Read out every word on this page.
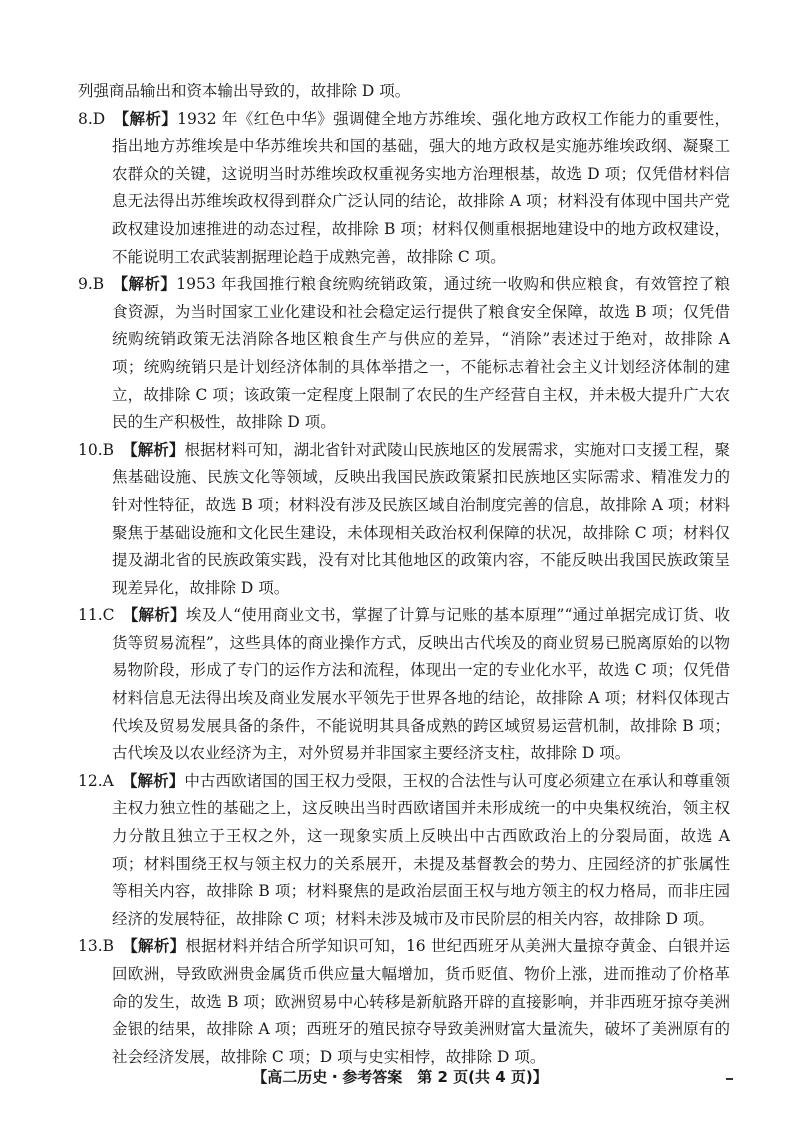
列强商品输出和资本输出导致的，故排除 D 项。

8.D 【解析】1932 年《红色中华》强调健全地方苏维埃、强化地方政权工作能力的重要性，指出地方苏维埃是中华苏维埃共和国的基础，强大的地方政权是实施苏维埃政纲、凝聚工农群众的关键，这说明当时苏维埃政权重视务实地方治理根基，故选 D 项；仅凭借材料信息无法得出苏维埃政权得到群众广泛认同的结论，故排除 A 项；材料没有体现中国共产党政权建设加速推进的动态过程，故排除 B 项；材料仅侧重根据地建设中的地方政权建设，不能说明工农武装割据理论趋于成熟完善，故排除 C 项。

9.B 【解析】1953 年我国推行粮食统购统销政策，通过统一收购和供应粮食，有效管控了粮食资源，为当时国家工业化建设和社会稳定运行提供了粮食安全保障，故选 B 项；仅凭借统购统销政策无法消除各地区粮食生产与供应的差异，“消除”表述过于绝对，故排除 A 项；统购统销只是计划经济体制的具体举措之一，不能标志着社会主义计划经济体制的建立，故排除 C 项；该政策一定程度上限制了农民的生产经营自主权，并未极大提升广大农民的生产积极性，故排除 D 项。

10.B 【解析】根据材料可知，湖北省针对武陵山民族地区的发展需求，实施对口支援工程，聚焦基础设施、民族文化等领域，反映出我国民族政策紧扣民族地区实际需求、精准发力的针对性特征，故选 B 项；材料没有涉及民族区域自治制度完善的信息，故排除 A 项；材料聚焦于基础设施和文化民生建设，未体现相关政治权利保障的状况，故排除 C 项；材料仅提及湖北省的民族政策实践，没有对比其他地区的政策内容，不能反映出我国民族政策呈现差异化，故排除 D 项。

11.C 【解析】埃及人“使用商业文书，掌握了计算与记账的基本原理”“通过单据完成订货、收货等贸易流程”，这些具体的商业操作方式，反映出古代埃及的商业贸易已脱离原始的以物易物阶段，形成了专门的运作方法和流程，体现出一定的专业化水平，故选 C 项；仅凭借材料信息无法得出埃及商业发展水平领先于世界各地的结论，故排除 A 项；材料仅体现古代埃及贸易发展具备的条件，不能说明其具备成熟的跨区域贸易运营机制，故排除 B 项；古代埃及以农业经济为主，对外贸易并非国家主要经济支柱，故排除 D 项。

12.A 【解析】中古西欧诸国的国王权力受限，王权的合法性与认可度必须建立在承认和尊重领主权力独立性的基础之上，这反映出当时西欧诸国并未形成统一的中央集权统治，领主权力分散且独立于王权之外，这一现象实质上反映出中古西欧政治上的分裂局面，故选 A 项；材料围绕王权与领主权力的关系展开，未提及基督教会的势力、庄园经济的扩张属性等相关内容，故排除 B 项；材料聚焦的是政治层面王权与地方领主的权力格局，而非庄园经济的发展特征，故排除 C 项；材料未涉及城市及市民阶层的相关内容，故排除 D 项。

13.B 【解析】根据材料并结合所学知识可知，16 世纪西班牙从美洲大量掠夺黄金、白银并运回欧洲，导致欧洲贵金属货币供应量大幅增加，货币贬值、物价上涨，进而推动了价格革命的发生，故选 B 项；欧洲贸易中心转移是新航路开辟的直接影响，并非西班牙掠夺美洲金银的结果，故排除 A 项；西班牙的殖民掠夺导致美洲财富大量流失，破坏了美洲原有的社会经济发展，故排除 C 项；D 项与史实相悖，故排除 D 项。

【高二历史・参考答案　第 2 页(共 4 页)】
